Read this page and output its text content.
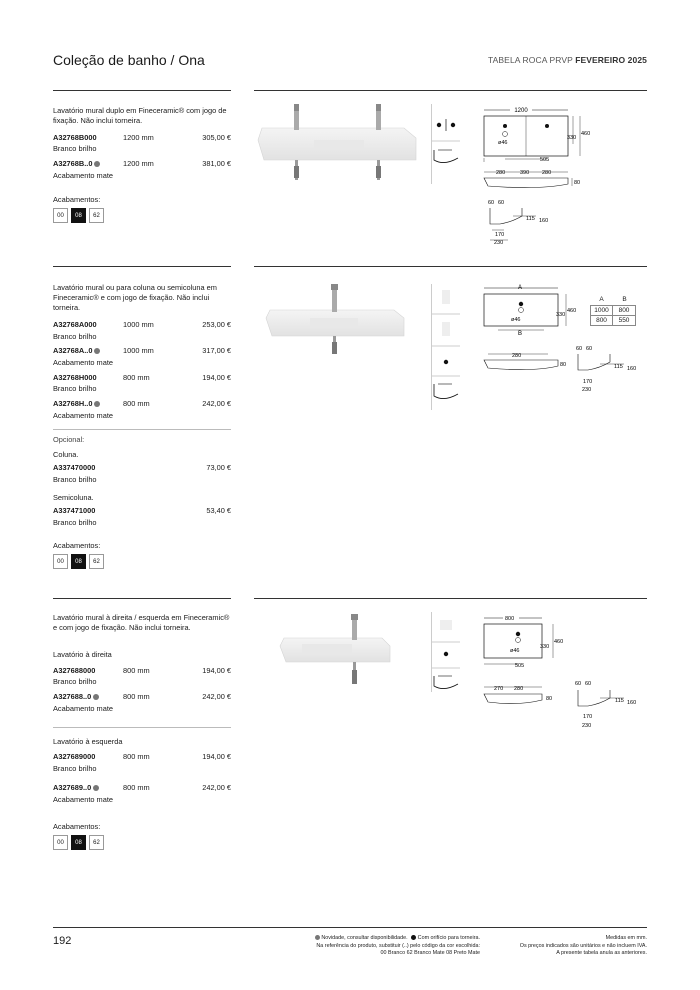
Coleção de banho / Ona	TABELA ROCA PRVP FEVEREIRO 2025
Lavatório mural duplo em Fineceramic® com jogo de fixação. Não inclui torneira.
A32768B000	1200 mm	305,00 €
Branco brilho
A32768B..0	1200 mm	381,00 €
Acabamento mate
Acabamentos:
00	08	62
1200
ø46
330
460
505
280	390 280
80
60 60
115 160
170
230
Lavatório mural ou para coluna ou semicoluna em Fineceramic® e com jogo de fixação. Não inclui torneira.
A32768A000	1000 mm	253,00 €
Branco brilho
A32768A..0	1000 mm	317,00 €
Acabamento mate
A32768H000	800 mm	194,00 €
Branco brilho
A32768H..0	800 mm	242,00 €
Acabamento mate
Opcional:
Coluna.
A337470000	73,00 €
Branco brilho
Semicoluna.
A337471000	53,40 €
Branco brilho
Acabamentos:
00	08	62
A
ø46
330
460
B
280
80
60 60
115 160
170
230
A	B
1000	800
800	550
Lavatório mural à direita / esquerda em Fineceramic® e com jogo de fixação. Não inclui torneira.
Lavatório à direita
A327688000	800 mm	194,00 €
Branco brilho
A327688..0	800 mm	242,00 €
Acabamento mate
Lavatório à esquerda
A327689000	800 mm	194,00 €
Branco brilho
A327689..0	800 mm	242,00 €
Acabamento mate
Acabamentos:
00	08	62
800
ø46
330
460
505
270 280
80
60 60
115 160
170
230
192	Novidade, consultar disponibilidade. Com orifício para torneira.
Na referência do produto, substituir (..) pelo código da cor escolhida:
00 Branco 62 Branco Mate 08 Preto Mate
Medidas em mm.
Os preços indicados são unitários e não incluem IVA.
A presente tabela anula as anteriores.
